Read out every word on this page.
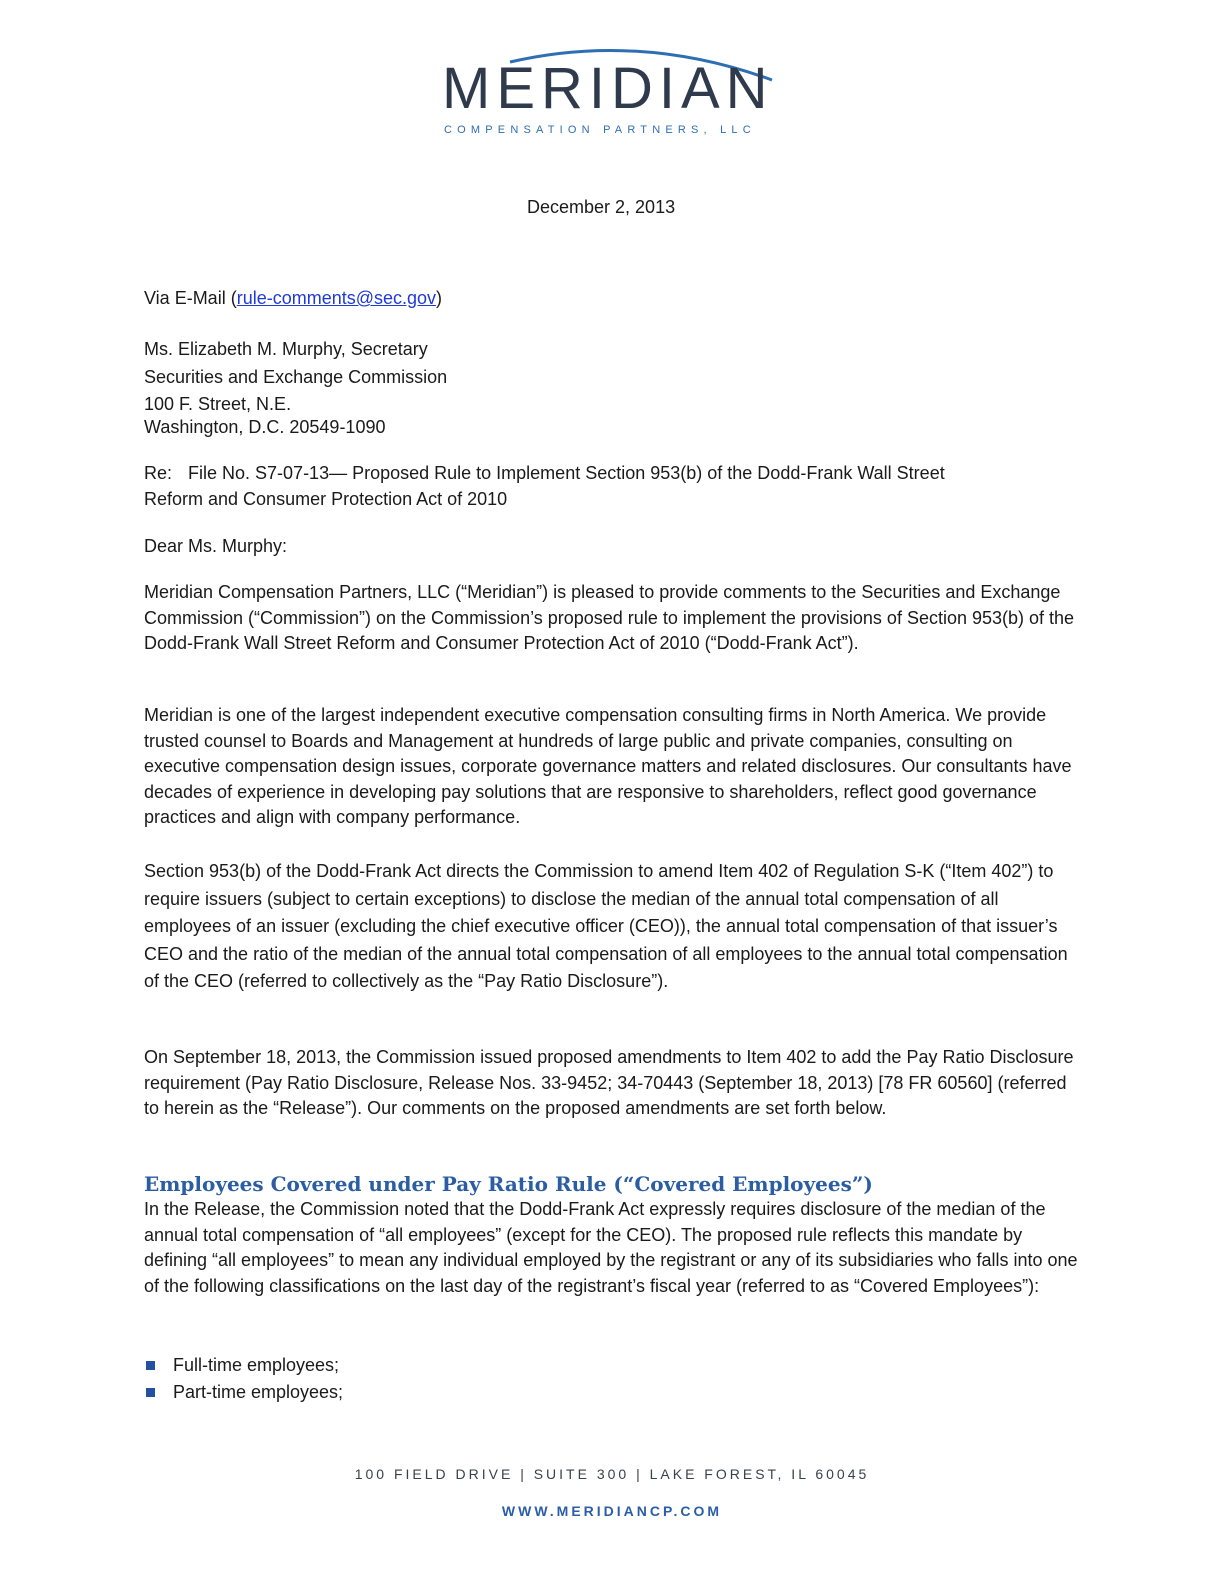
MERIDIAN
COMPENSATION PARTNERS, LLC

December 2, 2013

Via E-Mail (rule-comments@sec.gov)

Ms. Elizabeth M. Murphy, Secretary

Securities and Exchange Commission

100 F. Street, N.E.

Washington, D.C. 20549-1090

Re: File No. S7-07-13— Proposed Rule to Implement Section 953(b) of the Dodd-Frank Wall Street

Reform and Consumer Protection Act of 2010

Dear Ms. Murphy:

Meridian Compensation Partners, LLC (“Meridian”) is pleased to provide comments to the Securities and Exchange Commission (“Commission”) on the Commission’s proposed rule to implement the provisions of Section 953(b) of the Dodd-Frank Wall Street Reform and Consumer Protection Act of 2010 (“Dodd-Frank Act”).

Meridian is one of the largest independent executive compensation consulting firms in North America. We provide trusted counsel to Boards and Management at hundreds of large public and private companies, consulting on executive compensation design issues, corporate governance matters and related disclosures. Our consultants have decades of experience in developing pay solutions that are responsive to shareholders, reflect good governance practices and align with company performance.

Section 953(b) of the Dodd-Frank Act directs the Commission to amend Item 402 of Regulation S-K (“Item 402”) to require issuers (subject to certain exceptions) to disclose the median of the annual total compensation of all employees of an issuer (excluding the chief executive officer (CEO)), the annual total compensation of that issuer’s CEO and the ratio of the median of the annual total compensation of all employees to the annual total compensation of the CEO (referred to collectively as the “Pay Ratio Disclosure”).

On September 18, 2013, the Commission issued proposed amendments to Item 402 to add the Pay Ratio Disclosure requirement (Pay Ratio Disclosure, Release Nos. 33-9452; 34-70443 (September 18, 2013) [78 FR 60560] (referred to herein as the “Release”). Our comments on the proposed amendments are set forth below.

Employees Covered under Pay Ratio Rule (“Covered Employees”)

In the Release, the Commission noted that the Dodd-Frank Act expressly requires disclosure of the median of the annual total compensation of “all employees” (except for the CEO). The proposed rule reflects this mandate by defining “all employees” to mean any individual employed by the registrant or any of its subsidiaries who falls into one of the following classifications on the last day of the registrant’s fiscal year (referred to as “Covered Employees”):

Full-time employees;
Part-time employees;

100 FIELD DRIVE | SUITE 300 | LAKE FOREST, IL 60045

WWW.MERIDIANCP.COM
